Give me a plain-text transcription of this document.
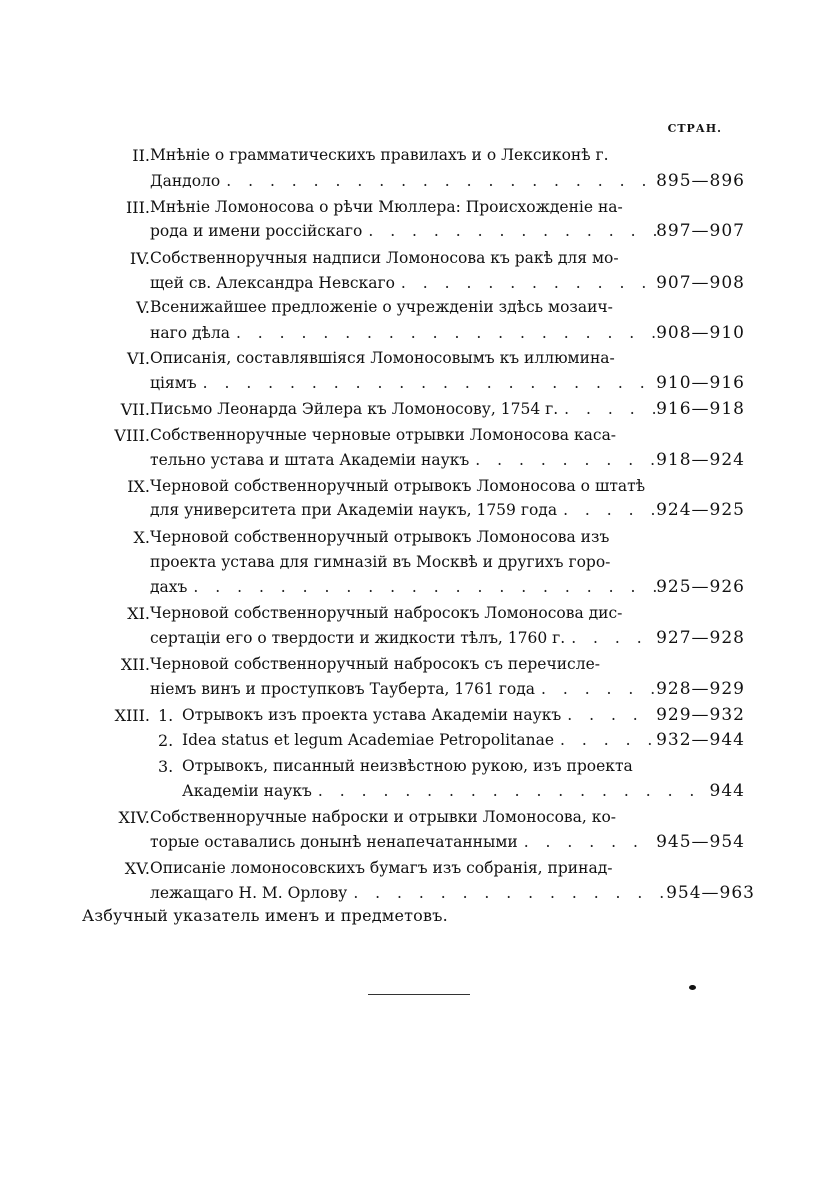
СТРАН.
II. Мнѣніе о грамматическихъ правилахъ и о Лексиконѣ г.
Дандоло . . .	895—896
III. Мнѣніе Ломоносова о рѣчи Мюллера: Происхожденіе на-
рода и имени россійскаго . . .	897—907
IV. Собственноручныя надписи Ломоносова къ ракѣ для мо-
щей св. Александра Невскаго . . .	907—908
V. Всенижайшее предложеніе о учрежденіи здѣсь мозаич-
наго дѣла . . .	908—910
VI. Описанія, составлявшіяся Ломоносовымъ къ иллюмина-
ціямъ . . .	910—916
VII. Письмо Леонарда Эйлера къ Ломоносову, 1754 г. . . .	916—918
VIII. Собственноручные черновые отрывки Ломоносова каса-
тельно устава и штата Академіи наукъ . . .	918—924
IX. Черновой собственноручный отрывокъ Ломоносова о штатѣ
для университета при Академіи наукъ, 1759 года . . .	924—925
X. Черновой собственноручный отрывокъ Ломоносова изъ
проекта устава для гимназій въ Москвѣ и другихъ горо-
дахъ . . .	925—926
XI. Черновой собственноручный набросокъ Ломоносова дис-
сертаціи его о твердости и жидкости тѣлъ, 1760 г. . . .	927—928
XII. Черновой собственноручный набросокъ съ перечисле-
ніемъ винъ и проступковъ Тауберта, 1761 года . . .	928—929
XIII. 1. Отрывокъ изъ проекта устава Академіи наукъ . . .	929—932
2. Idea status et legum Academiae Petropolitanae . . .	932—944
3. Отрывокъ, писанный неизвѣстною рукою, изъ проекта
Академіи наукъ . . .	944
XIV. Собственноручные наброски и отрывки Ломоносова, ко-
торые оставались донынѣ ненапечатанными . . .	945—954
XV. Описаніе ломоносовскихъ бумагъ изъ собранія, принад-
лежащаго Н. М. Орлову . . .	954—963
Азбучный указатель именъ и предметовъ.
